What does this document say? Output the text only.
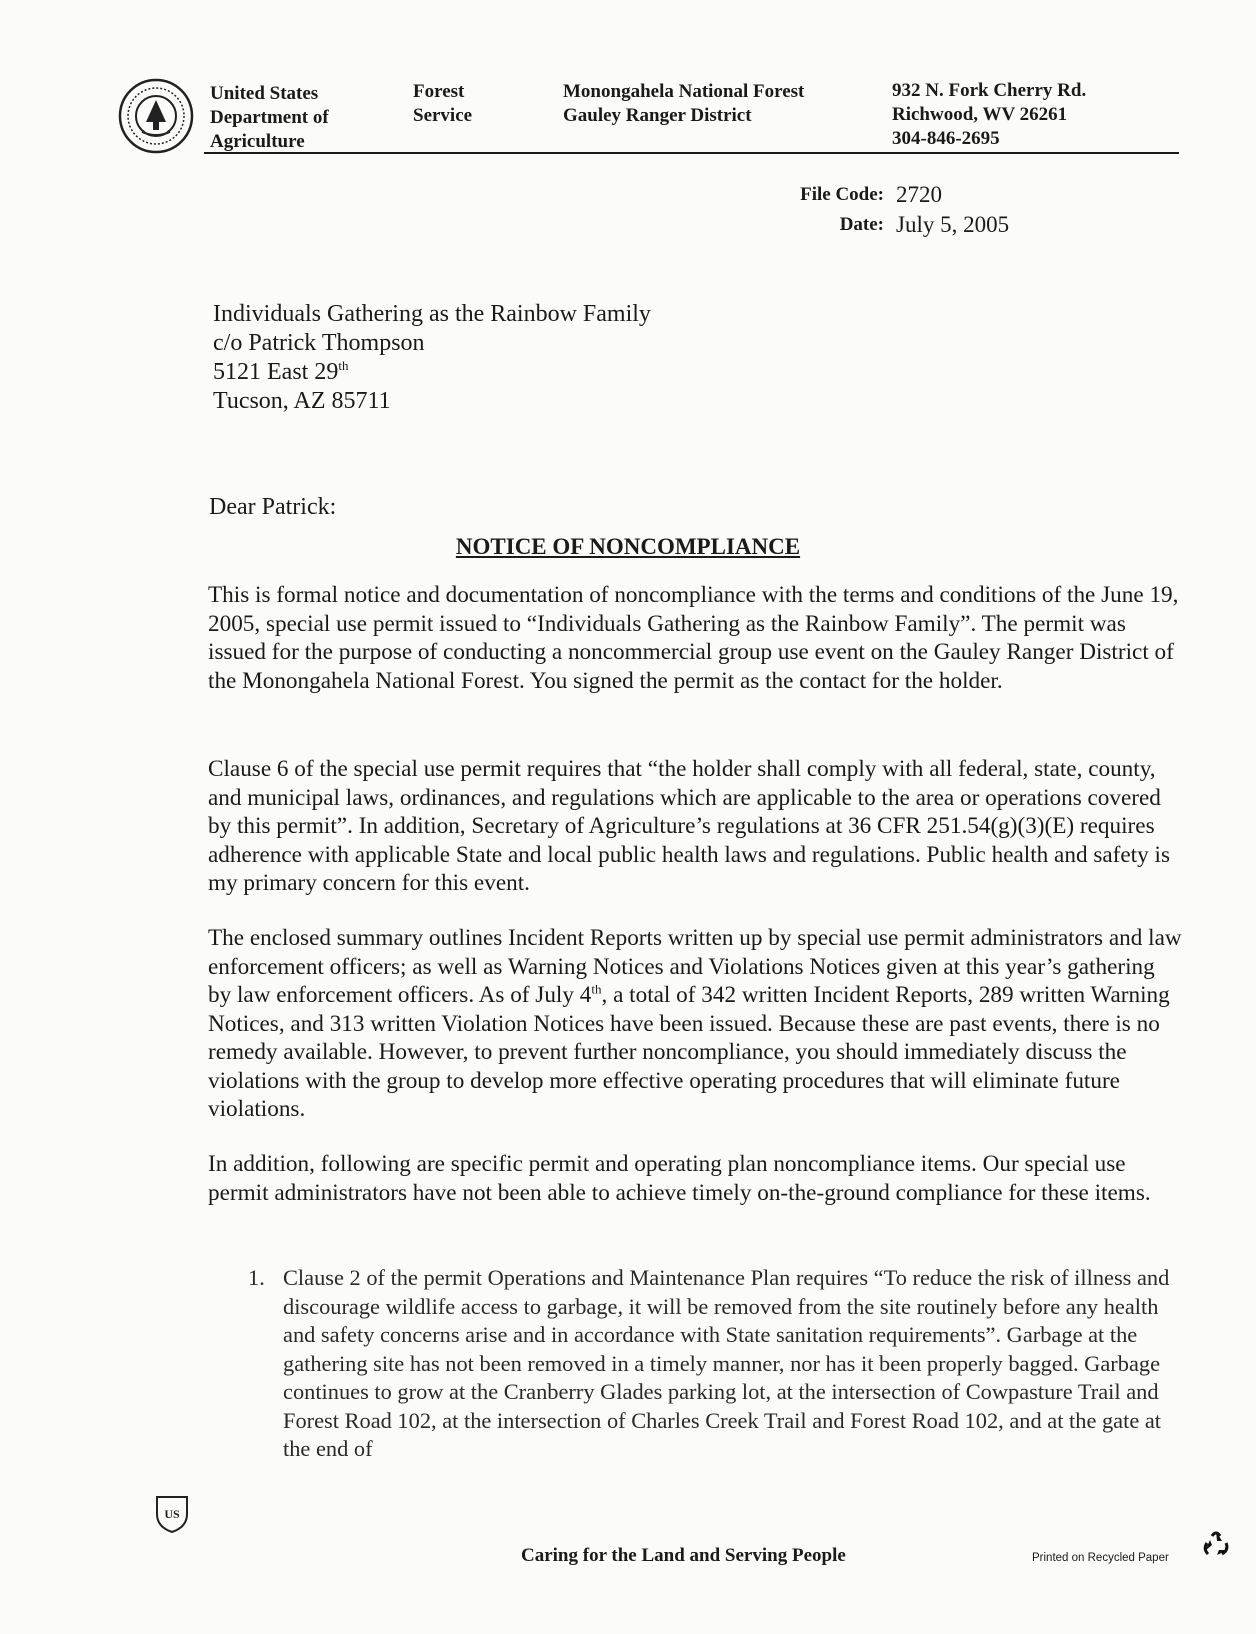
United States
Department of
Agriculture
Forest
Service
Monongahela National Forest
Gauley Ranger District
932 N. Fork Cherry Rd.
Richwood, WV 26261
304-846-2695
File Code: 2720
Date: July 5, 2005
Individuals Gathering as the Rainbow Family
c/o Patrick Thompson
5121 East 29th
Tucson, AZ 85711
Dear Patrick:
NOTICE OF NONCOMPLIANCE
This is formal notice and documentation of noncompliance with the terms and conditions of the June 19, 2005, special use permit issued to “Individuals Gathering as the Rainbow Family”. The permit was issued for the purpose of conducting a noncommercial group use event on the Gauley Ranger District of the Monongahela National Forest. You signed the permit as the contact for the holder.
Clause 6 of the special use permit requires that “the holder shall comply with all federal, state, county, and municipal laws, ordinances, and regulations which are applicable to the area or operations covered by this permit”. In addition, Secretary of Agriculture’s regulations at 36 CFR 251.54(g)(3)(E) requires adherence with applicable State and local public health laws and regulations. Public health and safety is my primary concern for this event.
The enclosed summary outlines Incident Reports written up by special use permit administrators and law enforcement officers; as well as Warning Notices and Violations Notices given at this year’s gathering by law enforcement officers. As of July 4th, a total of 342 written Incident Reports, 289 written Warning Notices, and 313 written Violation Notices have been issued. Because these are past events, there is no remedy available. However, to prevent further noncompliance, you should immediately discuss the violations with the group to develop more effective operating procedures that will eliminate future violations.
In addition, following are specific permit and operating plan noncompliance items. Our special use permit administrators have not been able to achieve timely on-the-ground compliance for these items.
1. Clause 2 of the permit Operations and Maintenance Plan requires “To reduce the risk of illness and discourage wildlife access to garbage, it will be removed from the site routinely before any health and safety concerns arise and in accordance with State sanitation requirements”. Garbage at the gathering site has not been removed in a timely manner, nor has it been properly bagged. Garbage continues to grow at the Cranberry Glades parking lot, at the intersection of Cowpasture Trail and Forest Road 102, at the intersection of Charles Creek Trail and Forest Road 102, and at the gate at the end of
US
Caring for the Land and Serving People	Printed on Recycled Paper
